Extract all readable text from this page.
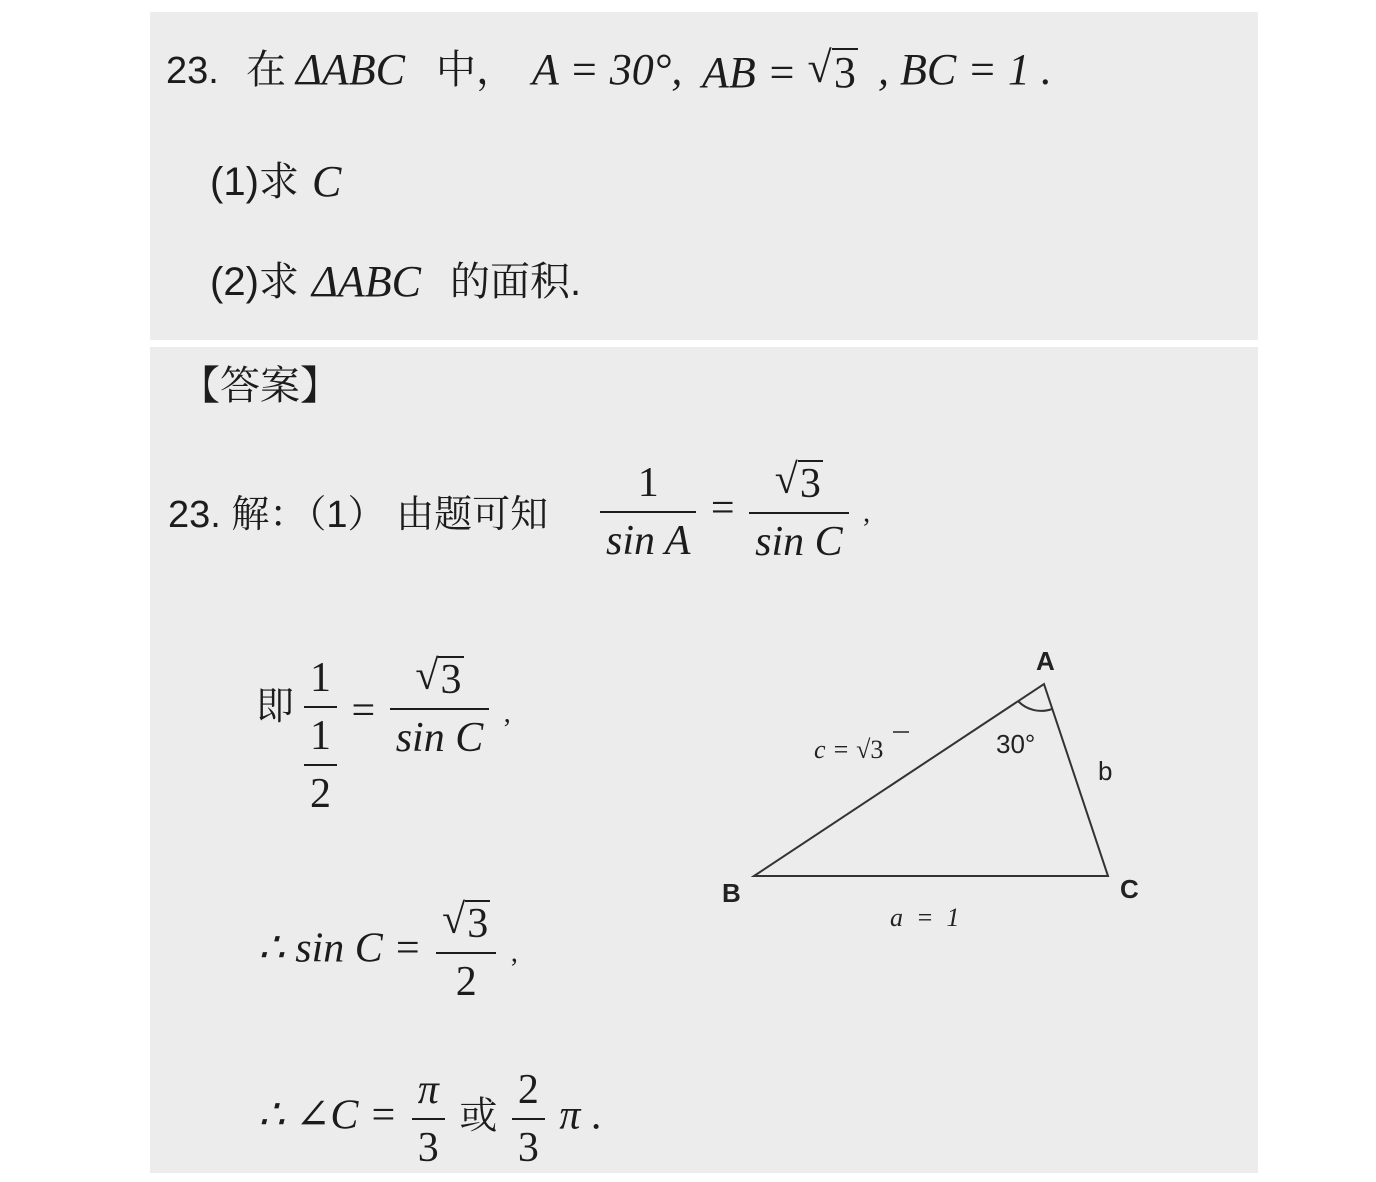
23. 在 ΔABC 中， A = 30°, AB = √ 3 , BC = 1 .
(1)求 C
(2)求 ΔABC 的面积.
【答案】
23. 解：（1） 由题可知 $\frac{1}{\text{sin A}} = \frac{√ 3}{\text{sin C}}$ ,
即 $\frac{1}{\frac{1}{2}} = \frac{√ 3}{\text{sin C}}$ ,
∴ $\sin C = \frac{√ 3}{2}$ ,
∴ ∠C = $\frac{\pi}{3}$ 或 $\frac{2}{3}$ π .
A
B	C
30°
b
c = √3
a  =  1
